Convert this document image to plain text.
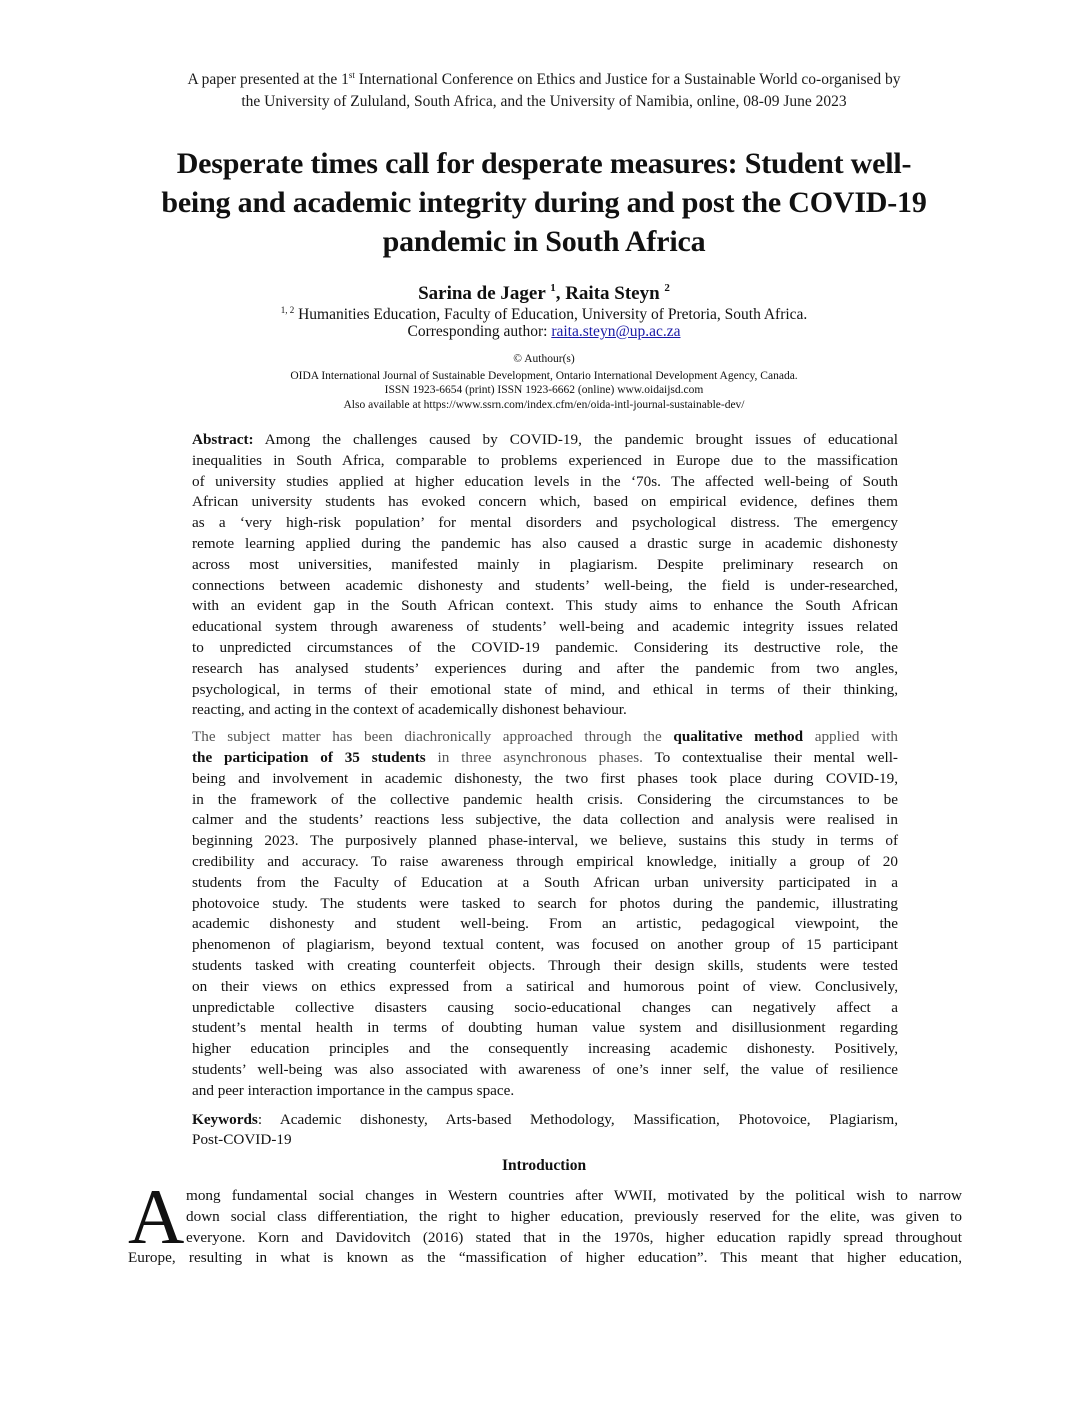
A paper presented at the 1st International Conference on Ethics and Justice for a Sustainable World co-organised by
the University of Zululand, South Africa, and the University of Namibia, online, 08-09 June 2023
Desperate times call for desperate measures: Student well-
being and academic integrity during and post the COVID-19
pandemic in South Africa
Sarina de Jager $^1$, Raita Steyn $^2$
$^{1, 2}$ Humanities Education, Faculty of Education, University of Pretoria, South Africa.
Corresponding author: raita.steyn@up.ac.za
© Authour(s)
OIDA International Journal of Sustainable Development, Ontario International Development Agency, Canada.
ISSN 1923-6654 (print) ISSN 1923-6662 (online) www.oidaijsd.com
Also available at https://www.ssrn.com/index.cfm/en/oida-intl-journal-sustainable-dev/
Abstract: Among the challenges caused by COVID-19, the pandemic brought issues of educational
inequalities in South Africa, comparable to problems experienced in Europe due to the massification
of university studies applied at higher education levels in the ‘70s. The affected well-being of South
African university students has evoked concern which, based on empirical evidence, defines them
as a ‘very high-risk population’ for mental disorders and psychological distress. The emergency
remote learning applied during the pandemic has also caused a drastic surge in academic dishonesty
across most universities, manifested mainly in plagiarism. Despite preliminary research on
connections between academic dishonesty and students’ well-being, the field is under-researched,
with an evident gap in the South African context. This study aims to enhance the South African
educational system through awareness of students’ well-being and academic integrity issues related
to unpredicted circumstances of the COVID-19 pandemic. Considering its destructive role, the
research has analysed students’ experiences during and after the pandemic from two angles,
psychological, in terms of their emotional state of mind, and ethical in terms of their thinking,
reacting, and acting in the context of academically dishonest behaviour.
The subject matter has been diachronically approached through the qualitative method applied with
the participation of 35 students in three asynchronous phases. To contextualise their mental well-
being and involvement in academic dishonesty, the two first phases took place during COVID-19,
in the framework of the collective pandemic health crisis. Considering the circumstances to be
calmer and the students’ reactions less subjective, the data collection and analysis were realised in
beginning 2023. The purposively planned phase-interval, we believe, sustains this study in terms of
credibility and accuracy. To raise awareness through empirical knowledge, initially a group of 20
students from the Faculty of Education at a South African urban university participated in a
photovoice study. The students were tasked to search for photos during the pandemic, illustrating
academic dishonesty and student well-being. From an artistic, pedagogical viewpoint, the
phenomenon of plagiarism, beyond textual content, was focused on another group of 15 participant
students tasked with creating counterfeit objects. Through their design skills, students were tested
on their views on ethics expressed from a satirical and humorous point of view. Conclusively,
unpredictable collective disasters causing socio-educational changes can negatively affect a
student’s mental health in terms of doubting human value system and disillusionment regarding
higher education principles and the consequently increasing academic dishonesty. Positively,
students’ well-being was also associated with awareness of one’s inner self, the value of resilience
and peer interaction importance in the campus space.
Keywords: Academic dishonesty, Arts-based Methodology, Massification, Photovoice, Plagiarism,
Post-COVID-19
Introduction
A mong fundamental social changes in Western countries after WWII, motivated by the political wish to narrow
down social class differentiation, the right to higher education, previously reserved for the elite, was given to
everyone. Korn and Davidovitch (2016) stated that in the 1970s, higher education rapidly spread throughout
Europe, resulting in what is known as the “massification of higher education”. This meant that higher education,
